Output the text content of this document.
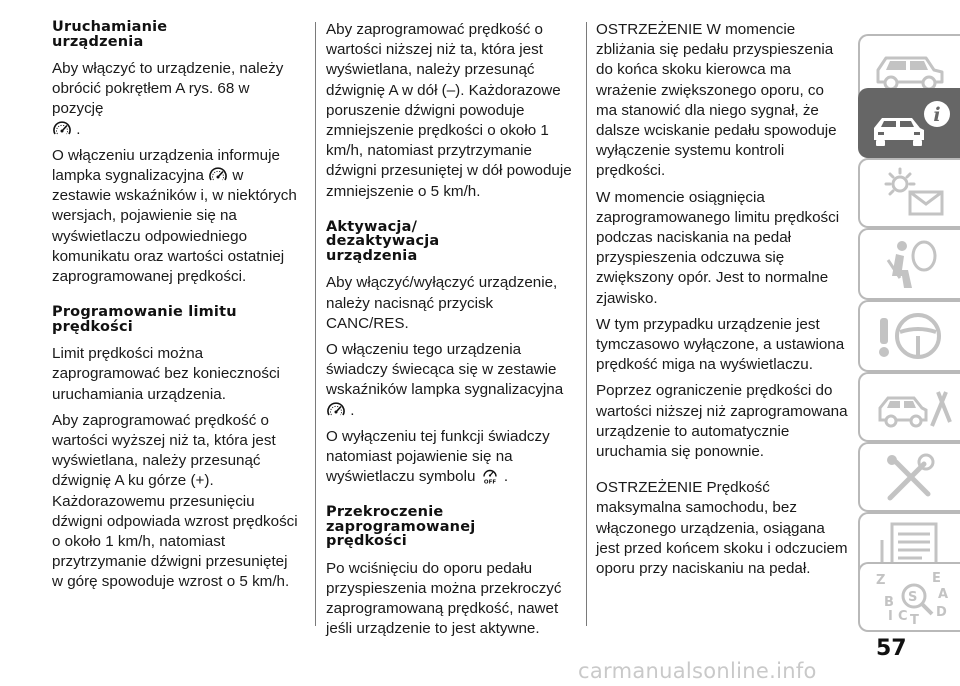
Uruchamianie
urządzenia

Aby włączyć to urządzenie, należy obrócić pokrętłem A rys. 68 w pozycję

.

O włączeniu urządzenia informuje lampka sygnalizacyjna w zestawie wskaźników i, w niektórych wersjach, pojawienie się na wyświetlaczu odpowiedniego komunikatu oraz wartości ostatniej zaprogramowanej prędkości.

Programowanie limitu
prędkości

Limit prędkości można zaprogramować bez konieczności uruchamiania urządzenia.

Aby zaprogramować prędkość o wartości wyższej niż ta, która jest wyświetlana, należy przesunąć dźwignię A ku górze (+). Każdorazowemu przesunięciu dźwigni odpowiada wzrost prędkości o około 1 km/h, natomiast przytrzymanie dźwigni przesuniętej w górę spowoduje wzrost o 5 km/h.

Aby zaprogramować prędkość o wartości niższej niż ta, która jest wyświetlana, należy przesunąć dźwignię A w dół (–). Każdorazowe poruszenie dźwigni powoduje zmniejszenie prędkości o około 1 km/h, natomiast przytrzymanie dźwigni przesuniętej w dół powoduje zmniejszenie o 5 km/h.

Aktywacja/
dezaktywacja
urządzenia

Aby włączyć/wyłączyć urządzenie, należy nacisnąć przycisk CANC/RES.

O włączeniu tego urządzenia świadczy świecąca się w zestawie wskaźników lampka sygnalizacyjna
.

O wyłączeniu tej funkcji świadczy natomiast pojawienie się na wyświetlaczu symbolu OFF .

Przekroczenie
zaprogramowanej
prędkości

Po wciśnięciu do oporu pedału przyspieszenia można przekroczyć zaprogramowaną prędkość, nawet jeśli urządzenie to jest aktywne.

OSTRZEŻENIE W momencie zbliżania się pedału przyspieszenia do końca skoku kierowca ma wrażenie zwiększonego oporu, co ma stanowić dla niego sygnał, że dalsze wciskanie pedału spowoduje wyłączenie systemu kontroli prędkości.

W momencie osiągnięcia zaprogramowanego limitu prędkości podczas naciskania na pedał przyspieszenia odczuwa się zwiększony opór. Jest to normalne zjawisko.

W tym przypadku urządzenie jest tymczasowo wyłączone, a ustawiona prędkość miga na wyświetlaczu.

Poprzez ograniczenie prędkości do wartości niższej niż zaprogramowana urządzenie to automatycznie uruchamia się ponownie.

OSTRZEŻENIE Prędkość maksymalna samochodu, bez włączonego urządzenia, osiągana jest przed końcem skoku i odczuciem oporu przy naciskaniu na pedał.

i
Z	E
S A
B
C T
D
I
57
carmanualsonline.info
